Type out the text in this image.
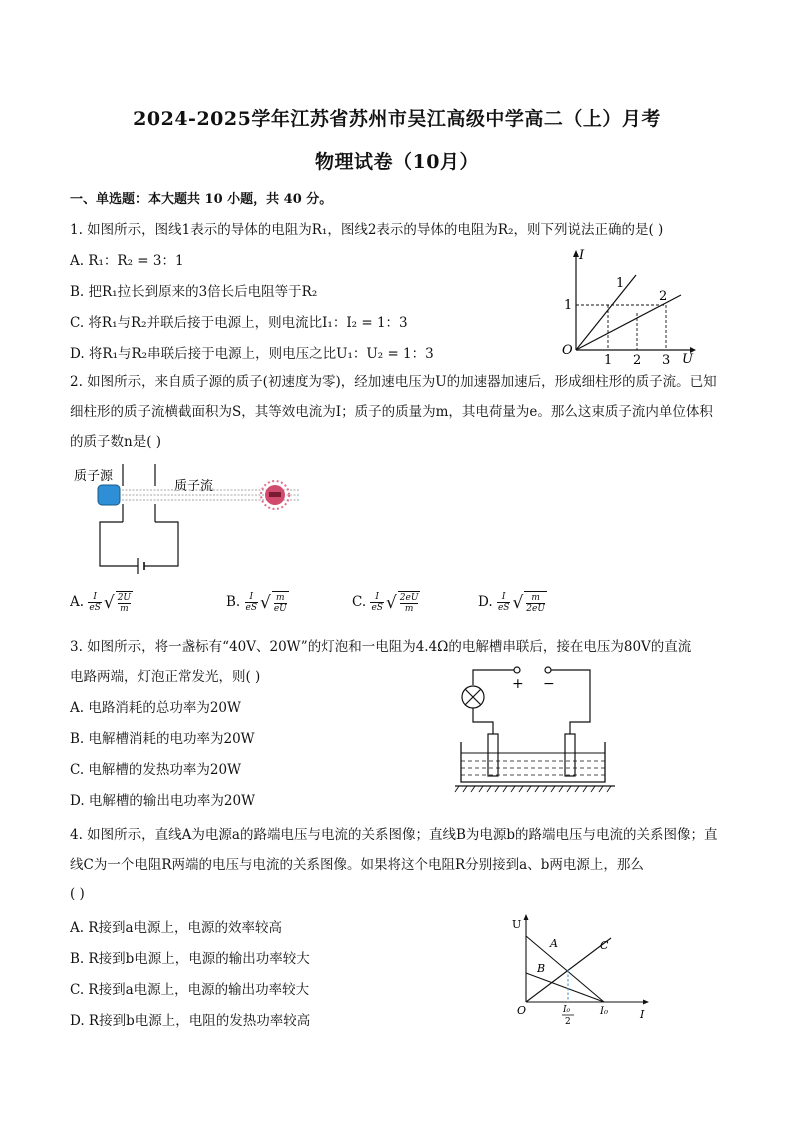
2024-2025学年江苏省苏州市吴江高级中学高二（上）月考
物理试卷（10月）
一、单选题：本大题共 10 小题，共 40 分。
1. 如图所示，图线1表示的导体的电阻为R₁，图线2表示的导体的电阻为R₂，则下列说法正确的是( )
A. R₁：R₂ = 3：1
B. 把R₁拉长到原来的3倍长后电阻等于R₂
C. 将R₁与R₂并联后接于电源上，则电流比I₁：I₂ = 1：3
D. 将R₁与R₂串联后接于电源上，则电压之比U₁：U₂ = 1：3
I
U
O
1
2
1
1 2 3
2. 如图所示，来自质子源的质子(初速度为零)，经加速电压为U的加速器加速后，形成细柱形的质子流。已知细柱形的质子流横截面积为S，其等效电流为I；质子的质量为m，其电荷量为e。那么这束质子流内单位体积的质子数n是( )
质子源
质子流
A. $\frac{I}{eS}$ √ $\frac{2U}{m}$	B. $\frac{I}{eS}$ √ $\frac{m}{eU}$	C. $\frac{I}{eS}$ √ $\frac{2eU}{m}$	D. $\frac{I}{eS}$ √ $\frac{m}{2eU}$
3. 如图所示，将一盏标有“40V、20W”的灯泡和一电阻为4.4Ω的电解槽串联后，接在电压为80V的直流
电路两端，灯泡正常发光，则( )
A. 电路消耗的总功率为20W
B. 电解槽消耗的电功率为20W
C. 电解槽的发热功率为20W
D. 电解槽的输出电功率为20W
+ −
4. 如图所示，直线A为电源a的路端电压与电流的关系图像；直线B为电源b的路端电压与电流的关系图像；直线C为一个电阻R两端的电压与电流的关系图像。如果将这个电阻R分别接到a、b两电源上，那么
( )
A. R接到a电源上，电源的效率较高
B. R接到b电源上，电源的输出功率较大
C. R接到a电源上，电源的输出功率较大
D. R接到b电源上，电阻的发热功率较高
U
I
O
A
B
C
I₀
I₀
2
